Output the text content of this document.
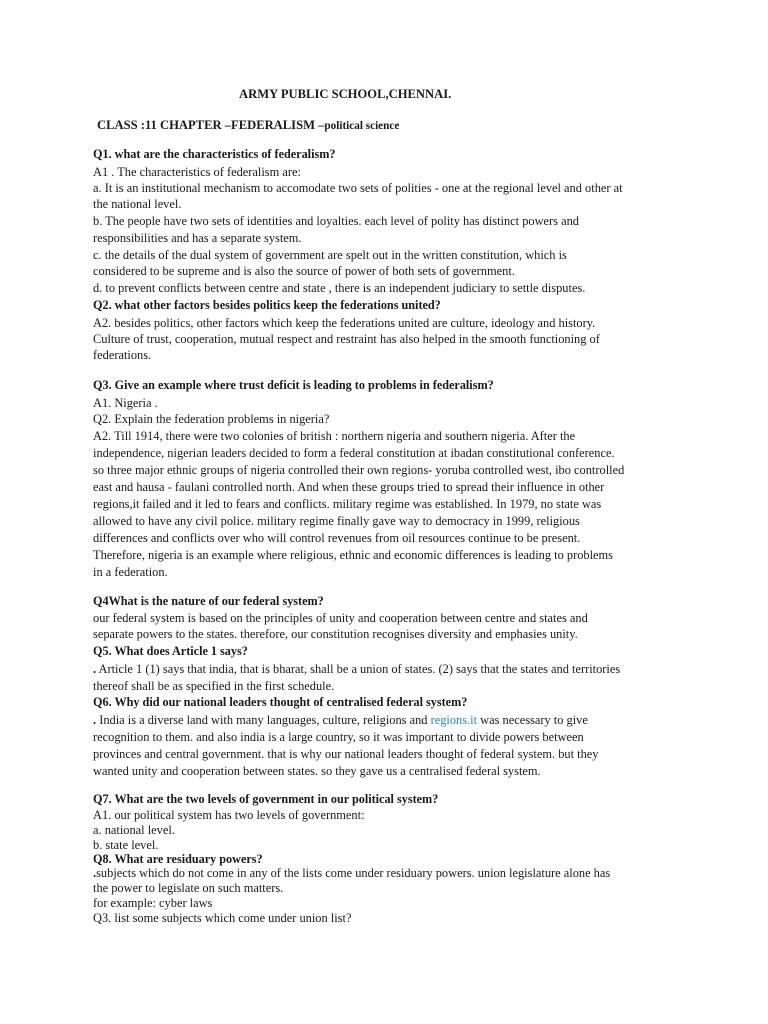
ARMY PUBLIC SCHOOL,CHENNAI.
CLASS :11 CHAPTER –FEDERALISM –political science
Q1. what are the characteristics of federalism?
A1 . The characteristics of federalism are:
a. It is an institutional mechanism to accomodate two sets of polities - one at the regional level and other at
the national level.
b. The people have two sets of identities and loyalties. each level of polity has distinct powers and
responsibilities and has a separate system.
c. the details of the dual system of government are spelt out in the written constitution, which is
considered to be supreme and is also the source of power of both sets of government.
d. to prevent conflicts between centre and state , there is an independent judiciary to settle disputes.
Q2. what other factors besides politics keep the federations united?
A2. besides politics, other factors which keep the federations united are culture, ideology and history.
Culture of trust, cooperation, mutual respect and restraint has also helped in the smooth functioning of
federations.
Q3. Give an example where trust deficit is leading to problems in federalism?
A1. Nigeria .
Q2. Explain the federation problems in nigeria?
A2. Till 1914, there were two colonies of british : northern nigeria and southern nigeria. After the
independence, nigerian leaders decided to form a federal constitution at ibadan constitutional conference.
so three major ethnic groups of nigeria controlled their own regions- yoruba controlled west, ibo controlled
east and hausa - faulani controlled north. And when these groups tried to spread their influence in other
regions,it failed and it led to fears and conflicts. military regime was established. In 1979, no state was
allowed to have any civil police. military regime finally gave way to democracy in 1999, religious
differences and conflicts over who will control revenues from oil resources continue to be present.
Therefore, nigeria is an example where religious, ethnic and economic differences is leading to problems
in a federation.
Q4What is the nature of our federal system?
our federal system is based on the principles of unity and cooperation between centre and states and
separate powers to the states. therefore, our constitution recognises diversity and emphasies unity.
Q5. What does Article 1 says?
. Article 1 (1) says that india, that is bharat, shall be a union of states. (2) says that the states and territories
thereof shall be as specified in the first schedule.
Q6. Why did our national leaders thought of centralised federal system?
. India is a diverse land with many languages, culture, religions and regions.it was necessary to give
recognition to them. and also india is a large country, so it was important to divide powers between
provinces and central government. that is why our national leaders thought of federal system. but they
wanted unity and cooperation between states. so they gave us a centralised federal system.
Q7. What are the two levels of government in our political system?
A1. our political system has two levels of government:
a. national level.
b. state level.
Q8. What are residuary powers?
.subjects which do not come in any of the lists come under residuary powers. union legislature alone has
the power to legislate on such matters.
for example: cyber laws
Q3. list some subjects which come under union list?
